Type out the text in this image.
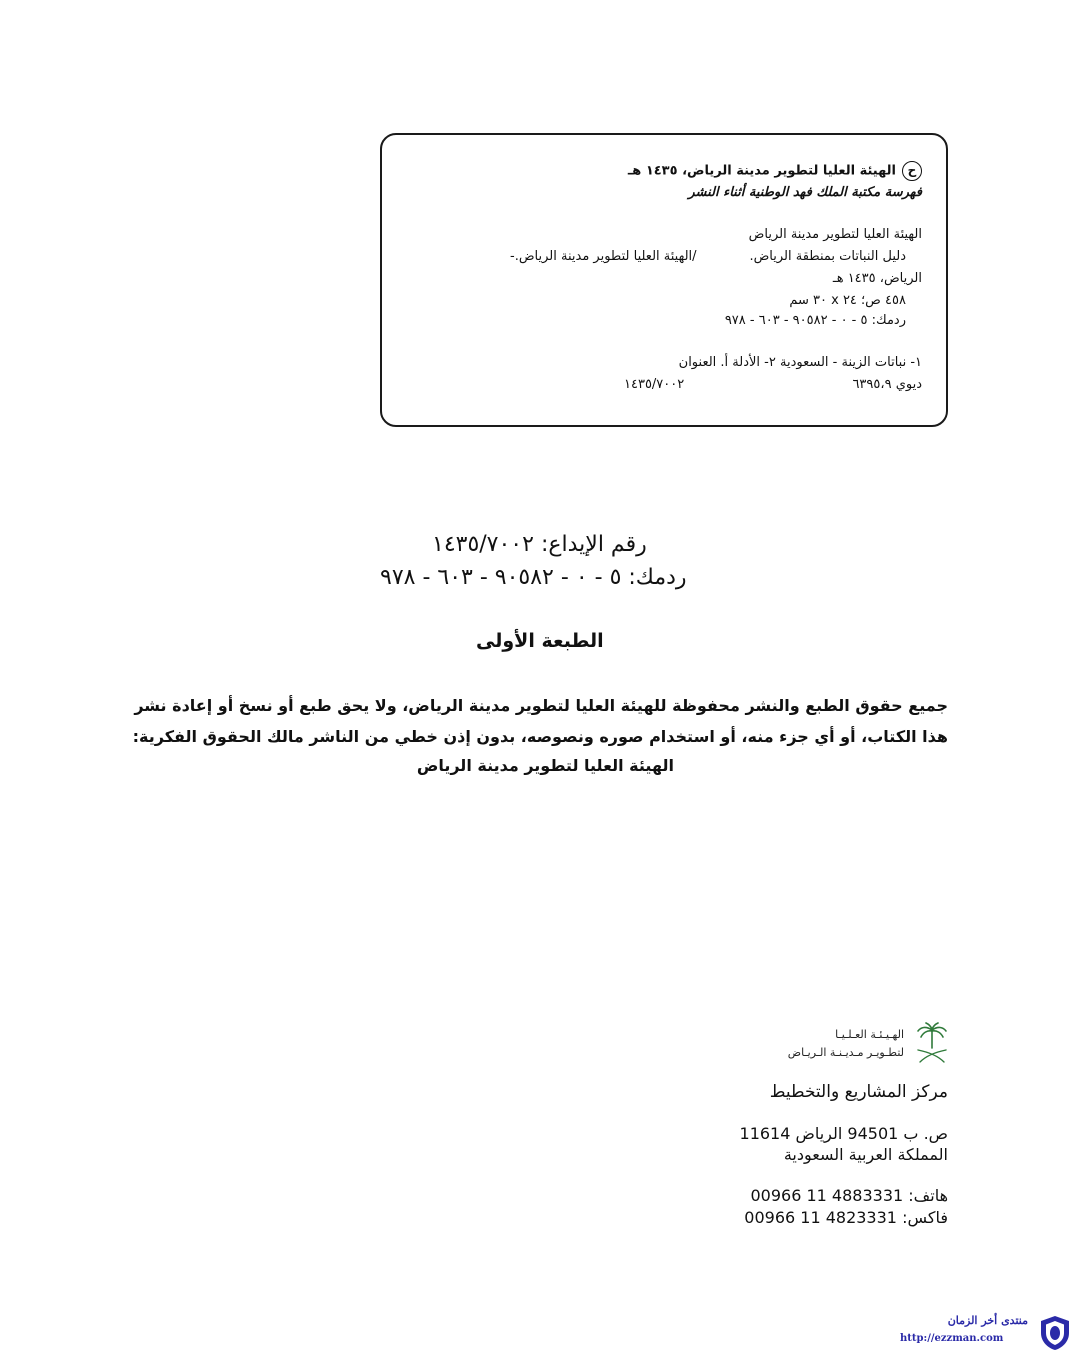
حالهيئة العليا لتطوير مدينة الرياض، ١٤٣٥ هـ
فهرسة مكتبة الملك فهد الوطنية أثناء النشر
الهيئة العليا لتطوير مدينة الرياض
دليل النباتات بمنطقة الرياض.
/الهيئة العليا لتطوير مدينة الرياض.-
الرياض، ١٤٣٥ هـ
٤٥٨ ص؛ ٢٤ x ٣٠ سم
ردمك: ٥ - ٠ - ٩٠٥٨٢ - ٦٠٣ - ٩٧٨
١- نباتات الزينة - السعودية ٢- الأدلة أ. العنوان
ديوي ٦٣٩٥،٩
١٤٣٥/٧٠٠٢
رقم الإيداع: ١٤٣٥/٧٠٠٢
ردمك: ٥ - ٠ - ٩٠٥٨٢ - ٦٠٣ - ٩٧٨
الطبعة الأولى
جميع حقوق الطبع والنشر محفوظة للهيئة العليا لتطوير مدينة الرياض، ولا يحق طبع أو نسخ أو إعادة نشر
هذا الكتاب، أو أي جزء منه، أو استخدام صوره ونصوصه، بدون إذن خطي من الناشر مالك الحقوق الفكرية:
الهيئة العليا لتطوير مدينة الرياض
الهـيـئـة العـلـيـا
لتطـويـر مـديـنـة الـريـاض
مركز المشاريع والتخطيط
ص. ب 94501 الرياض 11614
المملكة العربية السعودية
هاتف: 00966 11 4883331
فاكس: 00966 11 4823331
منتدى أخر الزمان
http://ezzman.com
